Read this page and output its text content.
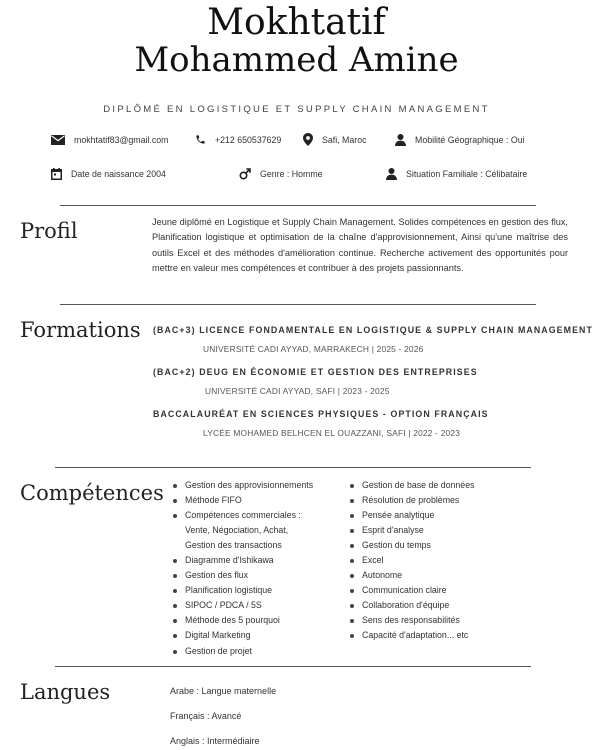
Mokhtatif
Mohammed Amine
DIPLÔMÉ EN LOGISTIQUE ET SUPPLY CHAIN MANAGEMENT
mokhtatif83@gmail.com	+212 650537629	Safi, Maroc	Mobilité Géographique : Oui
Date de naissance 2004	Genre : Homme	Situation Familiale : Célibataire
Profil	Jeune diplômé en Logistique et Supply Chain Management. Solides compétences en gestion des flux, Planification logistique et optimisation de la chaîne d'approvisionnement, Ainsi qu'une maîtrise des outils Excel et des méthodes d'amélioration continue. Recherche activement des opportunités pour mettre en valeur mes compétences et contribuer à des projets passionnants.

Formations (BAC+3) LICENCE FONDAMENTALE EN LOGISTIQUE & SUPPLY CHAIN MANAGEMENT
UNIVERSITÉ CADI AYYAD, MARRAKECH | 2025 - 2026
(BAC+2) DEUG EN ÉCONOMIE ET GESTION DES ENTREPRISES
UNIVERSITÉ CADI AYYAD, SAFI | 2023 - 2025
BACCALAURÉAT EN SCIENCES PHYSIQUES - OPTION FRANÇAIS
LYCÉE MOHAMED BELHCEN EL OUAZZANI, SAFI | 2022 - 2023
Compétences	Gestion des approvisionnements
Méthode FIFO
Compétences commerciales :
Vente, Négociation, Achat,
Gestion des transactions
Diagramme d'Ishikawa
Gestion des flux
Planification logistique
SIPOC / PDCA / 5S
Méthode des 5 pourquoi
Digital Marketing
Gestion de projet
Gestion de base de données
Résolution de problèmes
Pensée analytique
Esprit d'analyse
Gestion du temps
Excel
Autonome
Communication claire
Collaboration d'équipe
Sens des responsabilités
Capacité d'adaptation... etc
Langues	Arabe : Langue maternelle
Français : Avancé
Anglais : Intermédiaire
